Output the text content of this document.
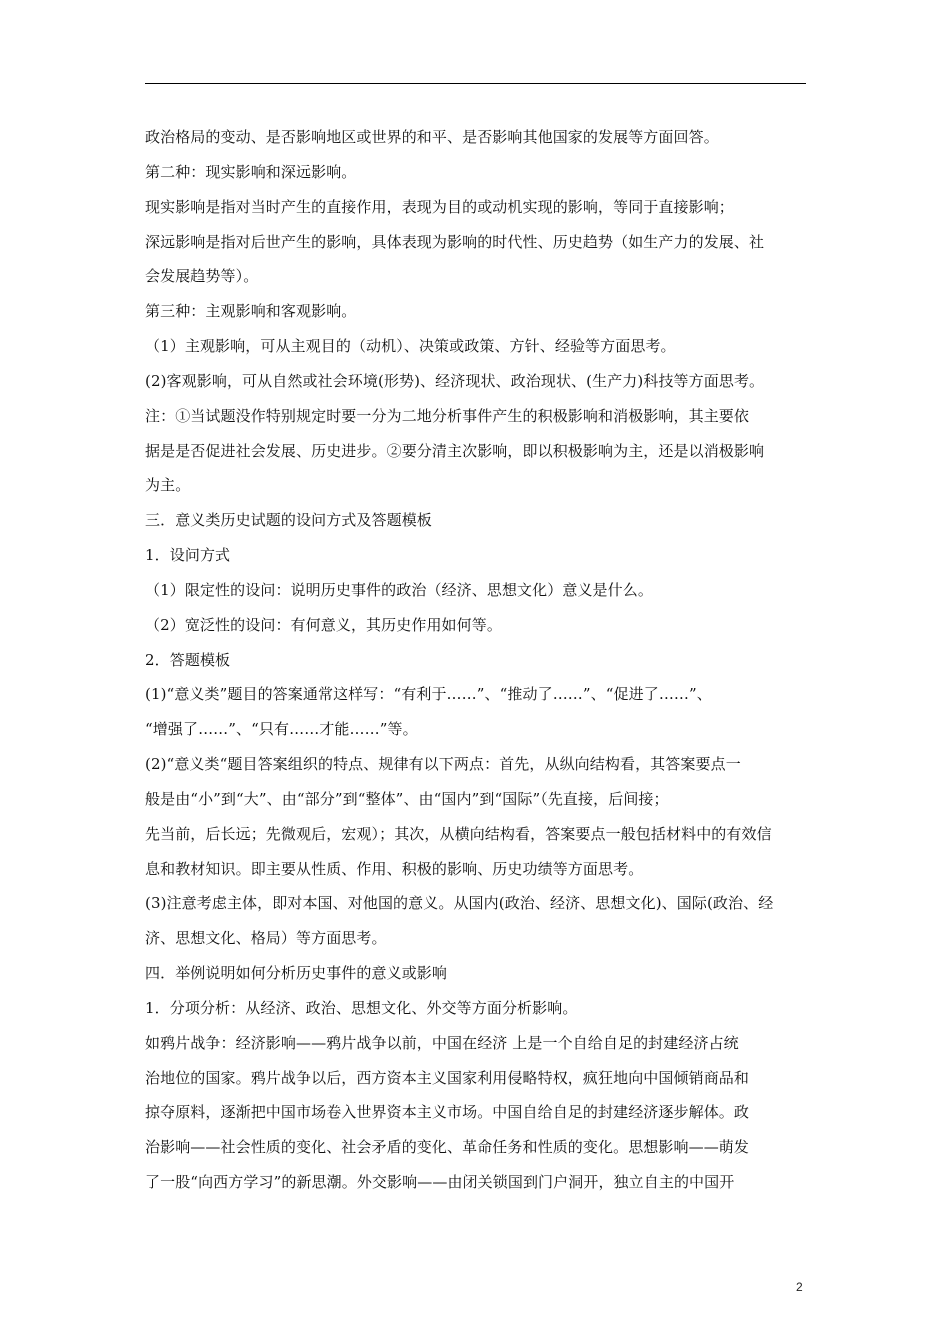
政治格局的变动、是否影响地区或世界的和平、是否影响其他国家的发展等方面回答。
第二种：现实影响和深远影响。
现实影响是指对当时产生的直接作用，表现为目的或动机实现的影响，等同于直接影响；
深远影响是指对后世产生的影响，具体表现为影响的时代性、历史趋势（如生产力的发展、社
会发展趋势等）。
第三种：主观影响和客观影响。
（1）主观影响，可从主观目的（动机）、决策或政策、方针、经验等方面思考。
(2)客观影响，可从自然或社会环境(形势)、经济现状、政治现状、(生产力)科技等方面思考。
注：①当试题没作特别规定时要一分为二地分析事件产生的积极影响和消极影响，其主要依
据是是否促进社会发展、历史进步。②要分清主次影响，即以积极影响为主，还是以消极影响
为主。
三．意义类历史试题的设问方式及答题模板
1．设问方式
（1）限定性的设问：说明历史事件的政治（经济、思想文化）意义是什么。
（2）宽泛性的设问：有何意义，其历史作用如何等。
2．答题模板
(1)“意义类”题目的答案通常这样写：“有利于……”、“推动了……”、“促进了……”、
“增强了……”、“只有……才能……”等。
(2)“意义类“题目答案组织的特点、规律有以下两点：首先，从纵向结构看，其答案要点一
般是由“小”到“大”、由“部分”到“整体”、由“国内”到“国际”（先直接，后间接；
先当前，后长远；先微观后，宏观）；其次，从横向结构看，答案要点一般包括材料中的有效信
息和教材知识。即主要从性质、作用、积极的影响、历史功绩等方面思考。
(3)注意考虑主体，即对本国、对他国的意义。从国内(政治、经济、思想文化)、国际(政治、经
济、思想文化、格局）等方面思考。
四．举例说明如何分析历史事件的意义或影响
1．分项分析：从经济、政治、思想文化、外交等方面分析影响。
如鸦片战争：经济影响——鸦片战争以前，中国在经济 上是一个自给自足的封建经济占统
治地位的国家。鸦片战争以后，西方资本主义国家利用侵略特权，疯狂地向中国倾销商品和
掠夺原料，逐渐把中国市场卷入世界资本主义市场。中国自给自足的封建经济逐步解体。政
治影响——社会性质的变化、社会矛盾的变化、革命任务和性质的变化。思想影响——萌发
了一股“向西方学习”的新思潮。外交影响——由闭关锁国到门户洞开，独立自主的中国开
2
